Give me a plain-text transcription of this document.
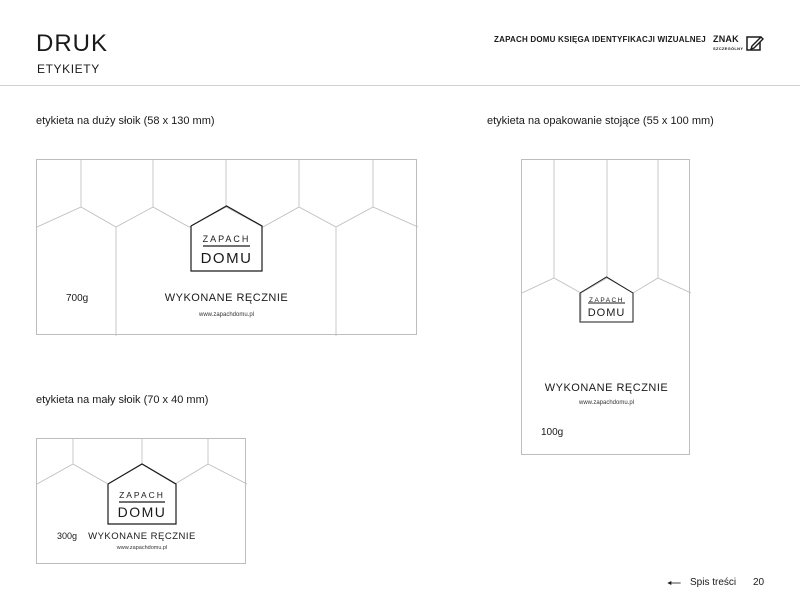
DRUK
ETYKIETY
ZAPACH DOMU KSIĘGA IDENTYFIKACJI WIZUALNEJ ZNAK
SZCZEGÓLNY
etykieta na duży słoik (58 x 130 mm)	etykieta na opakowanie stojące (55 x 100 mm)
etykieta na mały słoik (70 x 40 mm)
ZAPACH
DOMU
700g	WYKONANE RĘCZNIE
www.zapachdomu.pl
ZAPACH
DOMU
WYKONANE RĘCZNIE
www.zapachdomu.pl
100g
ZAPACH
DOMU
300g	WYKONANE RĘCZNIE
www.zapachdomu.pl
Spis treści 20
